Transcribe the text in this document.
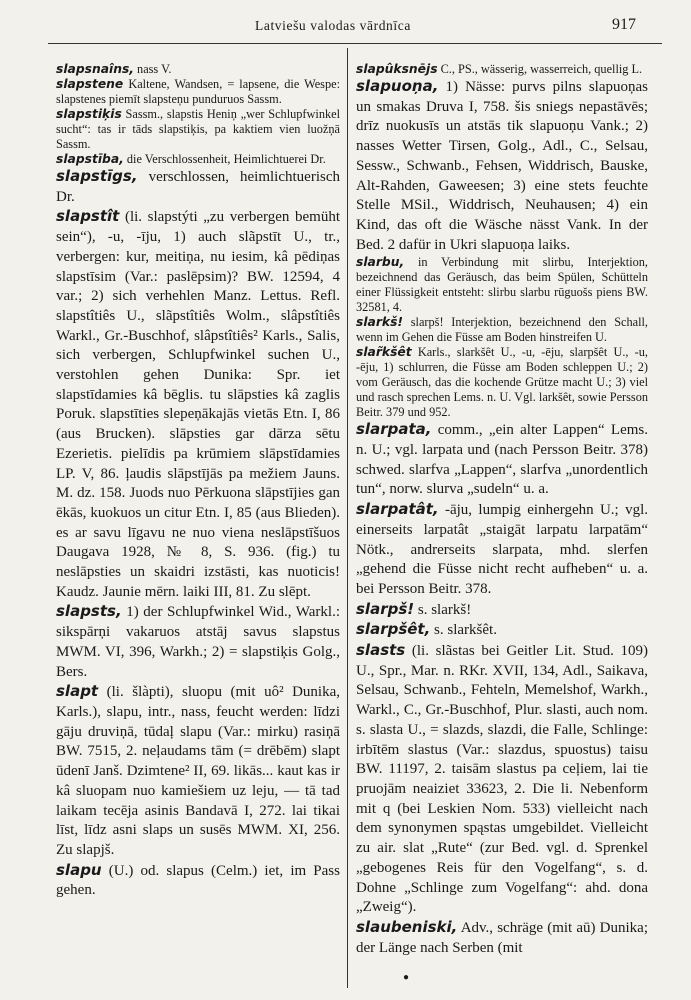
Latviešu valodas vārdnīca	917
slapsnaîns, nass V.
slapstene Kaltene, Wandsen, = lapsene, die Wespe: slapstenes piemīt slapsteņu punduruos Sassm.
slapstiķis Sassm., slapstis Heniņ „wer Schlupfwinkel sucht“: tas ir tāds slapstiķis, pa kaktiem vien luožņā Sassm.
slapstība, die Verschlossenheit, Heimlichtuerei Dr.
slapstīgs, verschlossen, heimlichtuerisch Dr.
slapstît (li. slapstýti „zu verbergen bemüht sein“), -u, -īju, 1) auch slãpstīt U., tr., verbergen: kur, meitiņa, nu iesim, kâ pēdiņas slapstīsim (Var.: paslēpsim)? BW. 12594, 4 var.; 2) sich verhehlen Manz. Lettus. Refl. slapstîtiês U., slãpstîtiês Wolm., slâpstîtiês Warkl., Gr.-Buschhof, slâpstîtiês² Karls., Salis, sich verbergen, Schlupfwinkel suchen U., verstohlen gehen Dunika: Spr. iet slapstīdamies kâ bēglis. tu slāpsties kâ zaglis Poruk. slapstīties slepeņākajās vietās Etn. I, 86 (aus Brucken). slāpsties gar dārza sētu Ezerietis. pielīdis pa krūmiem slāpstīdamies LP. V, 86. ļaudis slāpstījās pa mežiem Jauns. M. dz. 158. Juods nuo Pērkuona slāpstījies gan ēkās, kuokuos un citur Etn. I, 85 (aus Blieden). es ar savu līgavu ne nuo viena neslāpstīšuos Daugava 1928, № 8, S. 936. (fig.) tu neslāpsties un skaidri izstāsti, kas nuoticis! Kaudz. Jaunie mērn. laiki III, 81. Zu slēpt.
slapsts, 1) der Schlupfwinkel Wid., Warkl.: sikspārņi vakaruos atstāj savus slapstus MWM. VI, 396, Warkh.; 2) = slapstiķis Golg., Bers.
slapt (li. šlàpti), sluopu (mit uô² Dunika, Karls.), slapu, intr., nass, feucht werden: līdzi gāju druviņā, tūdaļ slapu (Var.: mirku) rasiņā BW. 7515, 2. neļaudams tām (= drēbēm) slapt ūdenī Janš. Dzimtene² II, 69. likās... kaut kas ir kâ sluopam nuo kamiešiem uz leju, — tā tad laikam tecēja asinis Bandavā I, 272. lai tikai līst, līdz asni slaps un susēs MWM. XI, 256. Zu slapjš.
slapu (U.) od. slapus (Celm.) iet, im Pass gehen.
slapûksnējs C., PS., wässerig, wasserreich, quellig L.
slapuoņa, 1) Nässe: purvs pilns slapuoņas un smakas Druva I, 758. šis sniegs nepastāvēs; drīz nuokusīs un atstās tik slapuoņu Vank.; 2) nasses Wetter Tirsen, Golg., Adl., C., Selsau, Sessw., Schwanb., Fehsen, Widdrisch, Bauske, Alt-Rahden, Gaweesen; 3) eine stets feuchte Stelle MSil., Widdrisch, Neuhausen; 4) ein Kind, das oft die Wäsche nässt Vank. In der Bed. 2 dafür in Ukri slapuoņa laiks.
slarbu, in Verbindung mit slirbu, Interjektion, bezeichnend das Geräusch, das beim Spülen, Schütteln einer Flüssigkeit entsteht: slirbu slarbu rūguošs piens BW. 32581, 4.
slarkš! slarpš! Interjektion, bezeichnend den Schall, wenn im Gehen die Füsse am Boden hinstreifen U.
slar̃kšêt Karls., slarkšêt U., -u, -ēju, slarpšêt U., -u, -ēju, 1) schlurren, die Füsse am Boden schleppen U.; 2) vom Geräusch, das die kochende Grütze macht U.; 3) viel und rasch sprechen Lems. n. U. Vgl. larkšêt, sowie Persson Beitr. 379 und 952.
slarpata, comm., „ein alter Lappen“ Lems. n. U.; vgl. larpata und (nach Persson Beitr. 378) schwed. slarfva „Lappen“, slarfva „unordentlich tun“, norw. slurva „sudeln“ u. a.
slarpatât, -āju, lumpig einhergehn U.; vgl. einerseits larpatât „staigāt larpatu larpatām“ Nötk., andrerseits slarpata, mhd. slerfen „gehend die Füsse nicht recht aufheben“ u. a. bei Persson Beitr. 378.
slarpš! s. slarkš!
slarpšêt, s. slarkšêt.
slasts (li. slãstas bei Geitler Lit. Stud. 109) U., Spr., Mar. n. RKr. XVII, 134, Adl., Saikava, Selsau, Schwanb., Fehteln, Memelshof, Warkh., Warkl., C., Gr.-Buschhof, Plur. slasti, auch nom. s. slasta U., = slazds, slazdi, die Falle, Schlinge: irbītēm slastus (Var.: slazdus, spuostus) taisu BW. 11197, 2. taisām slastus pa ceļiem, lai tie pruojām neaiziet 33623, 2. Die li. Nebenform mit q (bei Leskien Nom. 533) vielleicht nach dem synonymen spąstas umgebildet. Vielleicht zu air. slat „Rute“ (zur Bed. vgl. d. Sprenkel „gebogenes Reis für den Vogelfang“, s. d. Dohne „Schlinge zum Vogelfang“: ahd. dona „Zweig“).
slaubeniski, Adv., schräge (mit aū) Dunika; der Länge nach Serben (mit
●
